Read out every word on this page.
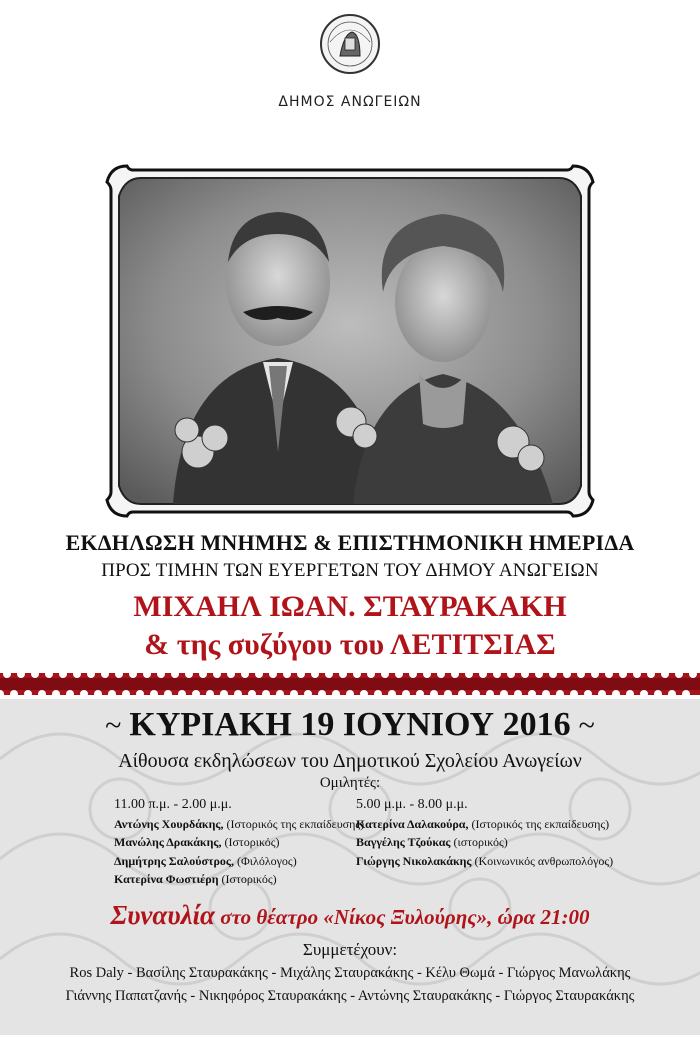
ΔΗΜΟΣ ΑΝΩΓΕΙΩΝ
ΕΚΔΗΛΩΣΗ ΜΝΗΜΗΣ & ΕΠΙΣΤΗΜΟΝΙΚΗ ΗΜΕΡΙΔΑ
ΠΡΟΣ ΤΙΜΗΝ ΤΩΝ ΕΥΕΡΓΕΤΩΝ ΤΟΥ ΔΗΜΟΥ ΑΝΩΓΕΙΩΝ
ΜΙΧΑΗΛ ΙΩΑΝ. ΣΤΑΥΡΑΚΑΚΗ
& της συζύγου του ΛΕΤΙΤΣΙΑΣ
~ ΚΥΡΙΑΚΗ 19 ΙΟΥΝΙΟΥ 2016 ~
Αίθουσα εκδηλώσεων του Δημοτικού Σχολείου Ανωγείων
Ομιλητές:
11.00 π.μ. - 2.00 μ.μ.
Αντώνης Χουρδάκης, (Ιστορικός της εκπαίδευσης)
Μανώλης Δρακάκης, (Ιστορικός)
Δημήτρης Σαλούστρος, (Φιλόλογος)
Κατερίνα Φωστιέρη (Ιστορικός)
5.00 μ.μ. - 8.00 μ.μ.
Κατερίνα Δαλακούρα, (Ιστορικός της εκπαίδευσης)
Βαγγέλης Τζούκας (ιστορικός)
Γιώργης Νικολακάκης (Κοινωνικός ανθρωπολόγος)
Συναυλία στο θέατρο «Νίκος Ξυλούρης», ώρα 21:00
Συμμετέχουν:
Ros Daly - Βασίλης Σταυρακάκης - Μιχάλης Σταυρακάκης - Κέλυ Θωμά - Γιώργος Μανωλάκης
Γιάννης Παπατζανής - Νικηφόρος Σταυρακάκης - Αντώνης Σταυρακάκης - Γιώργος Σταυρακάκης
